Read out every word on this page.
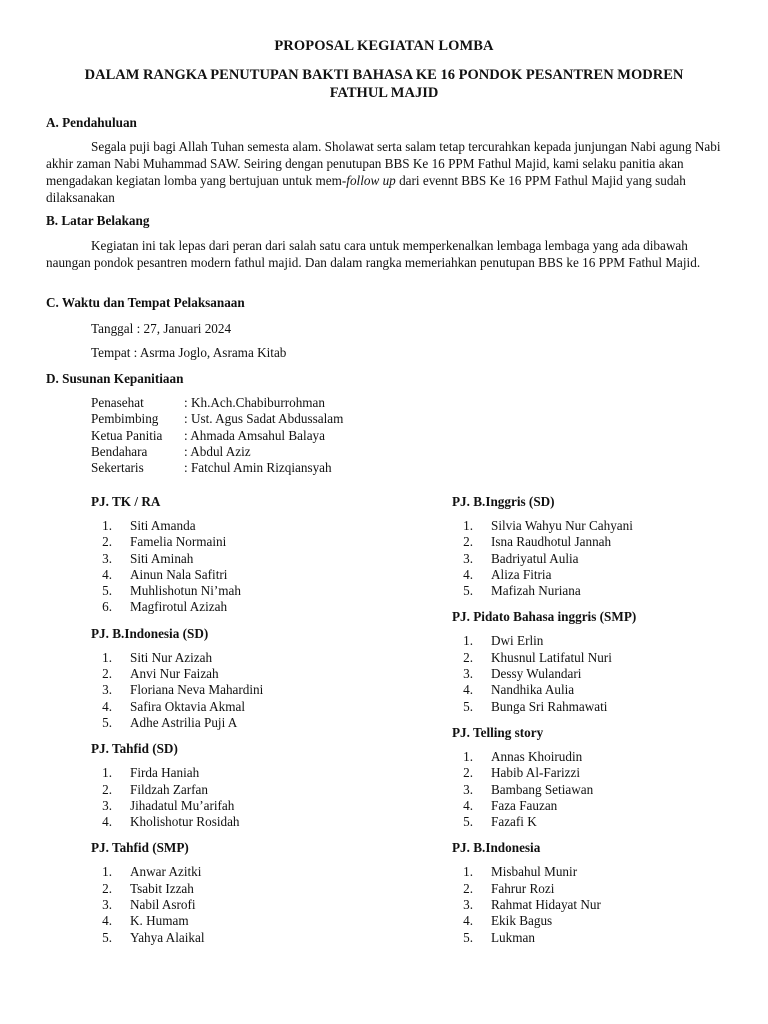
PROPOSAL KEGIATAN LOMBA
DALAM RANGKA PENUTUPAN BAKTI BAHASA KE 16 PONDOK PESANTREN MODREN FATHUL MAJID
A. Pendahuluan
Segala puji bagi Allah Tuhan semesta alam. Sholawat serta salam tetap tercurahkan kepada junjungan Nabi agung Nabi akhir zaman Nabi Muhammad SAW. Seiring dengan penutupan BBS Ke 16 PPM Fathul Majid, kami selaku panitia akan mengadakan kegiatan lomba yang bertujuan untuk mem-follow up dari evennt BBS Ke 16 PPM Fathul Majid yang sudah dilaksanakan
B. Latar Belakang
Kegiatan ini tak lepas dari peran dari salah satu cara untuk memperkenalkan lembaga lembaga yang ada dibawah naungan pondok pesantren modern fathul majid. Dan dalam rangka memeriahkan penutupan BBS ke 16 PPM Fathul Majid.
C. Waktu dan Tempat Pelaksanaan
Tanggal : 27, Januari 2024
Tempat : Asrma Joglo, Asrama Kitab
D. Susunan Kepanitiaan
Penasehat	: Kh.Ach.Chabiburrohman
Pembimbing : Ust. Agus Sadat Abdussalam
Ketua Panitia : Ahmada Amsahul Balaya
Bendahara	: Abdul Aziz
Sekertaris	: Fatchul Amin Rizqiansyah
PJ. TK / RA
1. Siti Amanda
2. Famelia Normaini
3. Siti Aminah
4. Ainun Nala Safitri
5. Muhlishotun Ni’mah
6. Magfirotul Azizah
PJ. B.Indonesia (SD)
1. Siti Nur Azizah
2. Anvi Nur Faizah
3. Floriana Neva Mahardini
4. Safira Oktavia Akmal
5. Adhe Astrilia Puji A
PJ. Tahfid (SD)
1. Firda Haniah
2. Fildzah Zarfan
3. Jihadatul Mu’arifah
4. Kholishotur Rosidah
PJ. Tahfid (SMP)
1. Anwar Azitki
2. Tsabit Izzah
3. Nabil Asrofi
4. K. Humam
5. Yahya Alaikal
PJ. B.Inggris (SD)
1. Silvia Wahyu Nur Cahyani
2. Isna Raudhotul Jannah
3. Badriyatul Aulia
4. Aliza Fitria
5. Mafizah Nuriana
PJ. Pidato Bahasa inggris (SMP)
1. Dwi Erlin
2. Khusnul Latifatul Nuri
3. Dessy Wulandari
4. Nandhika Aulia
5. Bunga Sri Rahmawati
PJ. Telling story
1. Annas Khoirudin
2. Habib Al-Farizzi
3. Bambang Setiawan
4. Faza Fauzan
5. Fazafi K
PJ. B.Indonesia
1. Misbahul Munir
2. Fahrur Rozi
3. Rahmat Hidayat Nur
4. Ekik Bagus
5. Lukman
